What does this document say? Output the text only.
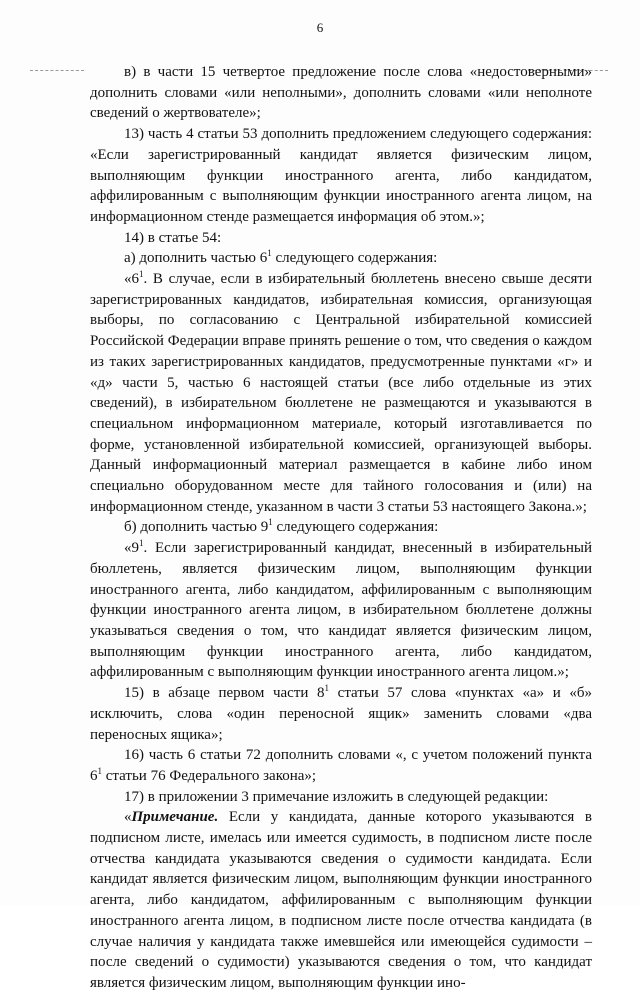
6

в) в части 15 четвертое предложение после слова «недостоверными» дополнить словами «или неполными», дополнить словами «или неполноте сведений о жертвователе»;

13) часть 4 статьи 53 дополнить предложением следующего содержания: «Если зарегистрированный кандидат является физическим лицом, выполняющим функции иностранного агента, либо кандидатом, аффилированным с выполняющим функции иностранного агента лицом, на информационном стенде размещается информация об этом.»;

14) в статье 54:

а) дополнить частью $6^1$ следующего содержания:

«$6^1$. В случае, если в избирательный бюллетень внесено свыше десяти зарегистрированных кандидатов, избирательная комиссия, организующая выборы, по согласованию с Центральной избирательной комиссией Российской Федерации вправе принять решение о том, что сведения о каждом из таких зарегистрированных кандидатов, предусмотренные пунктами «г» и «д» части 5, частью 6 настоящей статьи (все либо отдельные из этих сведений), в избирательном бюллетене не размещаются и указываются в специальном информационном материале, который изготавливается по форме, установленной избирательной комиссией, организующей выборы. Данный информационный материал размещается в кабине либо ином специально оборудованном месте для тайного голосования и (или) на информационном стенде, указанном в части 3 статьи 53 настоящего Закона.»;

б) дополнить частью $9^1$ следующего содержания:

«$9^1$. Если зарегистрированный кандидат, внесенный в избирательный бюллетень, является физическим лицом, выполняющим функции иностранного агента, либо кандидатом, аффилированным с выполняющим функции иностранного агента лицом, в избирательном бюллетене должны указываться сведения о том, что кандидат является физическим лицом, выполняющим функции иностранного агента, либо кандидатом, аффилированным с выполняющим функции иностранного агента лицом.»;

15) в абзаце первом части $8^1$ статьи 57 слова «пунктах «а» и «б» исключить, слова «один переносной ящик» заменить словами «два переносных ящика»;

16) часть 6 статьи 72 дополнить словами «, с учетом положений пункта $6^1$ статьи 76 Федерального закона»;

17) в приложении 3 примечание изложить в следующей редакции:

«Примечание. Если у кандидата, данные которого указываются в подписном листе, имелась или имеется судимость, в подписном листе после отчества кандидата указываются сведения о судимости кандидата. Если кандидат является физическим лицом, выполняющим функции иностранного агента, либо кандидатом, аффилированным с выполняющим функции иностранного агента лицом, в подписном листе после отчества кандидата (в случае наличия у кандидата также имевшейся или имеющейся судимости – после сведений о судимости) указываются сведения о том, что кандидат является физическим лицом, выполняющим функции ино-
